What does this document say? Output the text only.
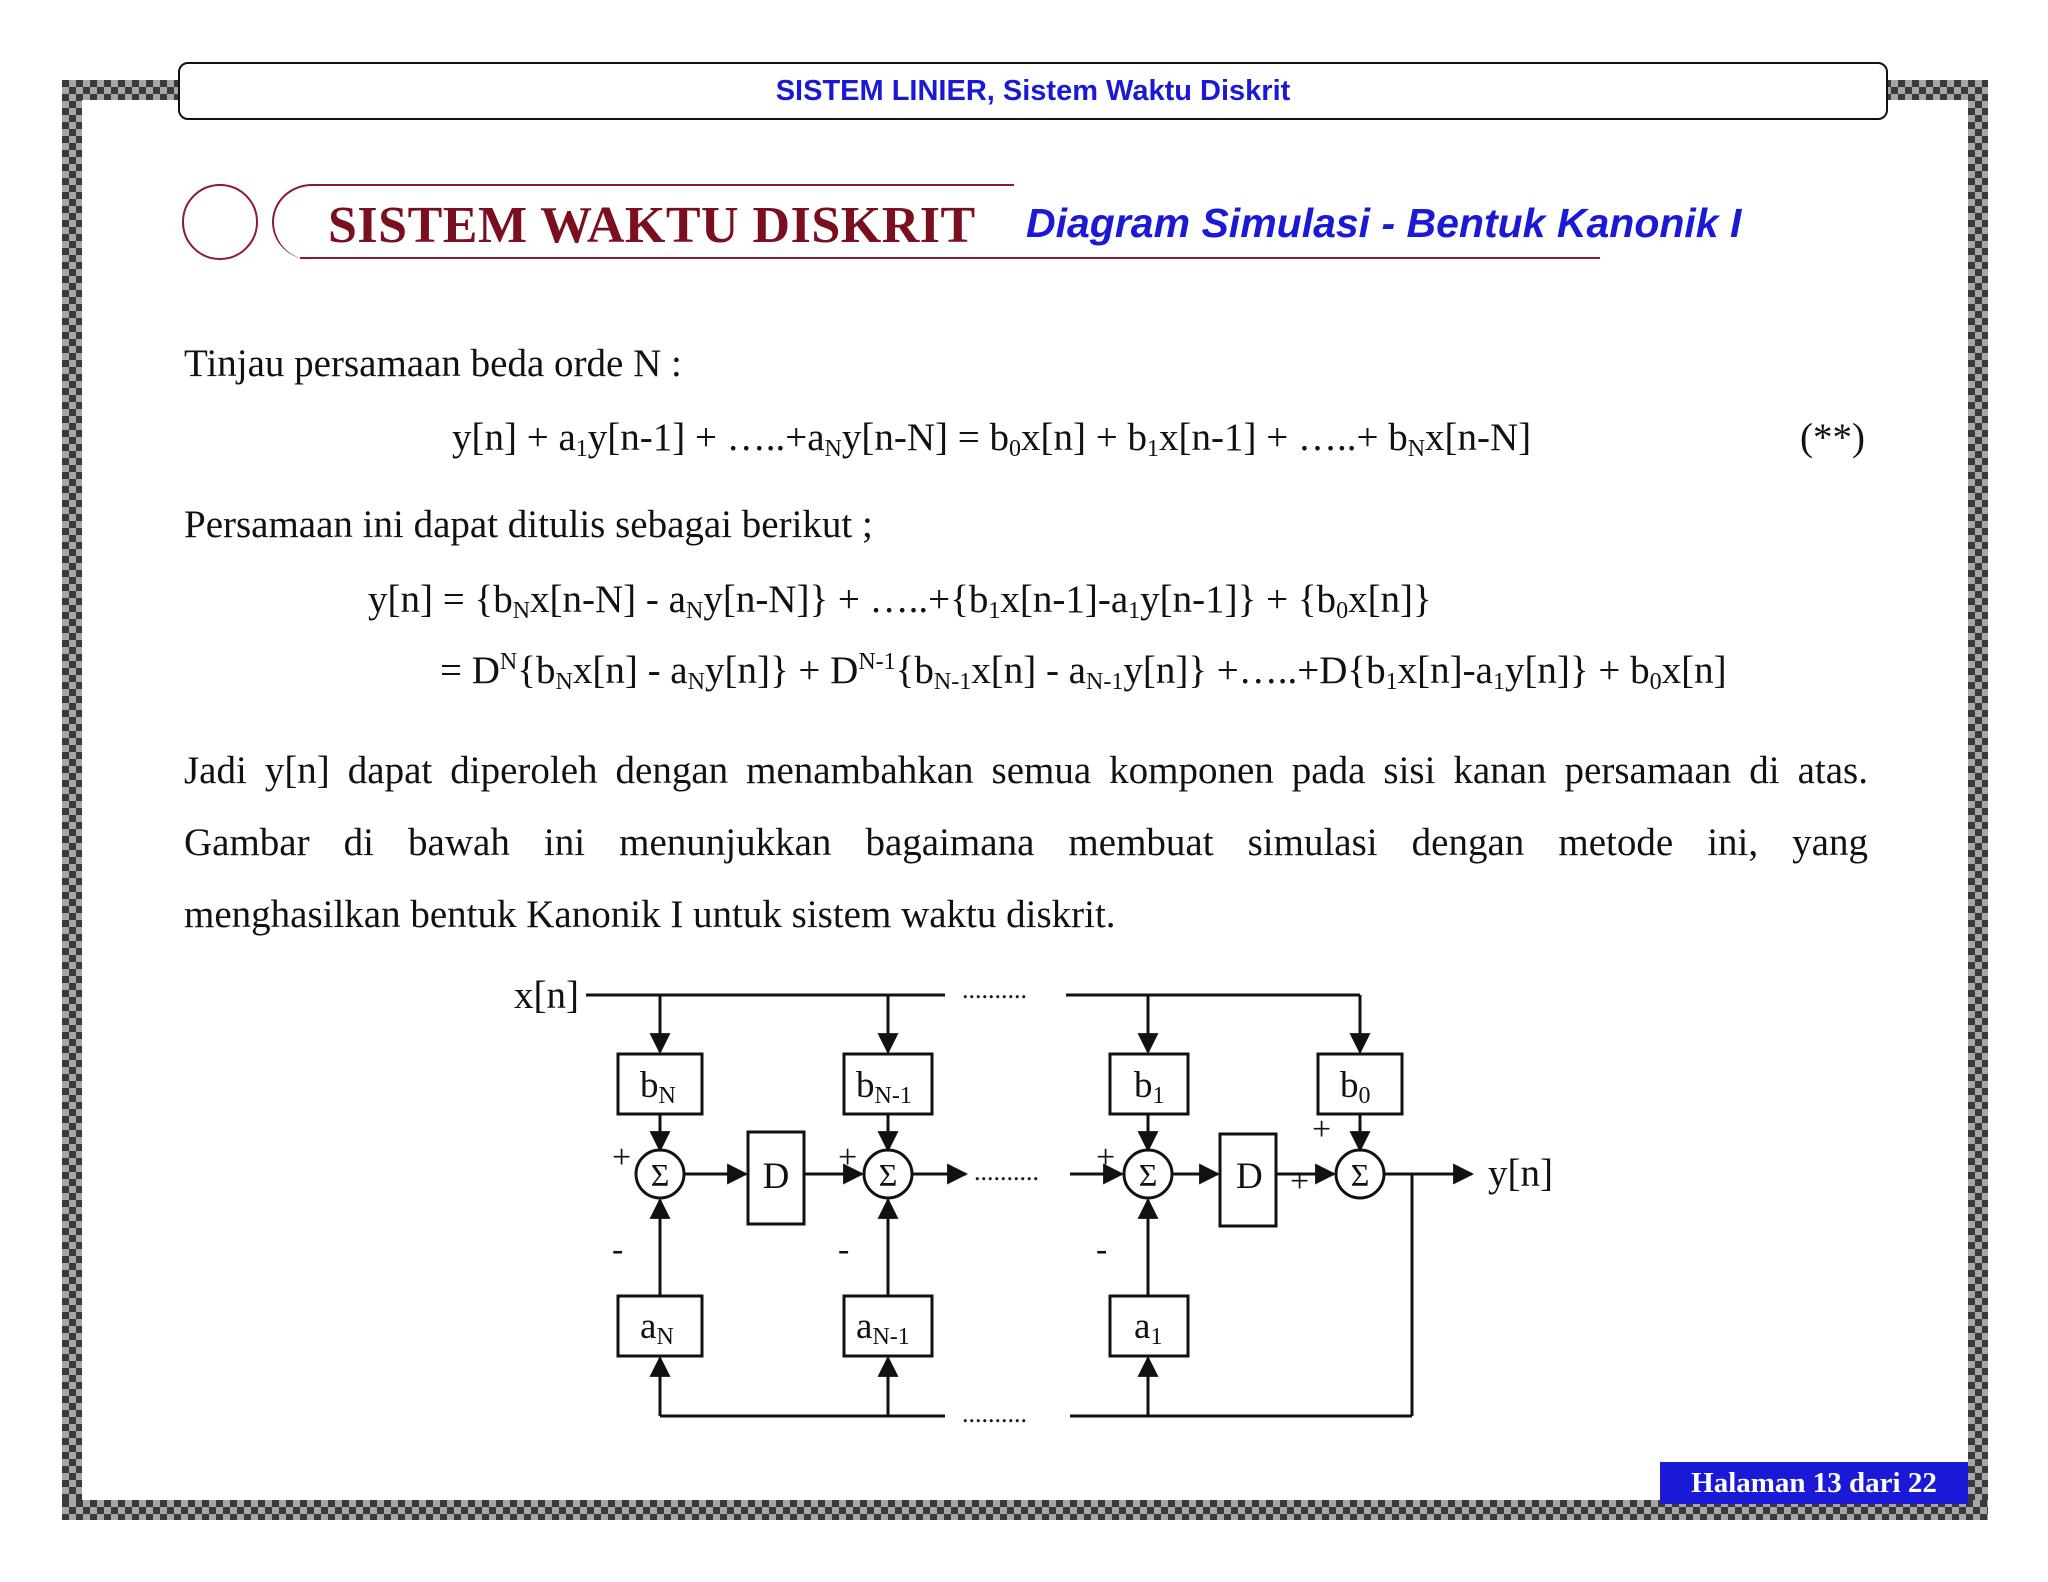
SISTEM LINIER, Sistem Waktu Diskrit
SISTEM WAKTU DISKRIT Diagram Simulasi - Bentuk Kanonik I
Tinjau persamaan beda orde N :
$y[n] + a_1y[n-1]$ + $\dots..+a_Ny[n-N] = b_0x[n] + b_1x[n-1]$ + …..+ $b_Nx[n-N]$	(**)
Persamaan ini dapat ditulis sebagai berikut ;
$y[n] = \{b_Nx[n-N] - a_Ny[n-N]\}$ + $\dots..+\{b_1x[n-1]-a_1y[n-1]\} + \{b_0x[n]\}$
= $D^N\{b_Nx[n] - a_Ny[n]\} + D^{N-1}\{b_{N-1}x[n] - a_{N-1}y[n]\}$ $+\dots..+D\{b_1x[n]-a_1y[n]\} + b_0x[n]$

Jadi y[n] dapat diperoleh dengan menambahkan semua komponen pada sisi kanan persamaan di atas.

Gambar di bawah ini menunjukkan bagaimana membuat simulasi dengan metode ini, yang

menghasilkan bentuk Kanonik I untuk sistem waktu diskrit.

x[n]	..........
bN	bN-1	b1	b0
Σ	Σ	Σ	Σ
D	D
..........	y[n]
+
-
+
-
+
-
+
+
aN	aN-1	a1
..........
Halaman 13 dari 22
